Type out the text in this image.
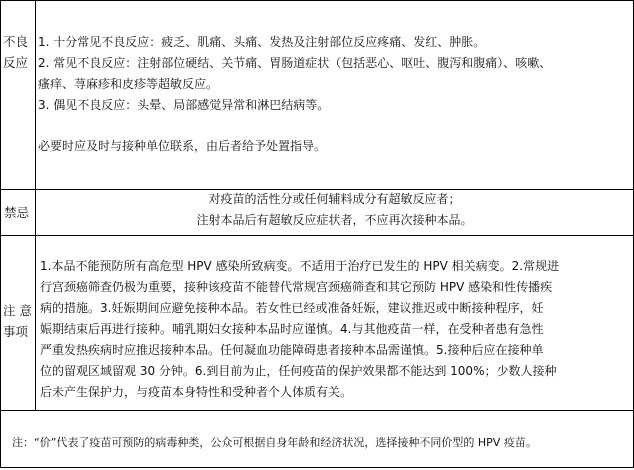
不良
反应
1. 十分常见不良反应：疲乏、肌痛、头痛、发热及注射部位反应疼痛、发红、肿胀。
2. 常见不良反应：注射部位硬结、关节痛、胃肠道症状（包括恶心、呕吐、腹泻和腹痛）、咳嗽、
瘙痒、荨麻疹和皮疹等超敏反应。
3. 偶见不良反应：头晕、局部感觉异常和淋巴结病等。
必要时应及时与接种单位联系，由后者给予处置指导。
禁忌
对疫苗的活性分或任何辅料成分有超敏反应者；
注射本品后有超敏反应症状者，不应再次接种本品。
注 意
事项
1.本品不能预防所有高危型 HPV 感染所致病变。不适用于治疗已发生的 HPV 相关病变。2.常规进
行宫颈癌筛查仍极为重要，接种该疫苗不能替代常规宫颈癌筛查和其它预防 HPV 感染和性传播疾
病的措施。3.妊娠期间应避免接种本品。若女性已经或准备妊娠，建议推迟或中断接种程序，妊
娠期结束后再进行接种。哺乳期妇女接种本品时应谨慎。4.与其他疫苗一样，在受种者患有急性
严重发热疾病时应推迟接种本品。任何凝血功能障碍患者接种本品需谨慎。5.接种后应在接种单
位的留观区域留观 30 分钟。6.到目前为止，任何疫苗的保护效果都不能达到 100%；少数人接种
后未产生保护力，与疫苗本身特性和受种者个人体质有关。
注：“价”代表了疫苗可预防的病毒种类，公众可根据自身年龄和经济状况，选择接种不同价型的 HPV 疫苗。
